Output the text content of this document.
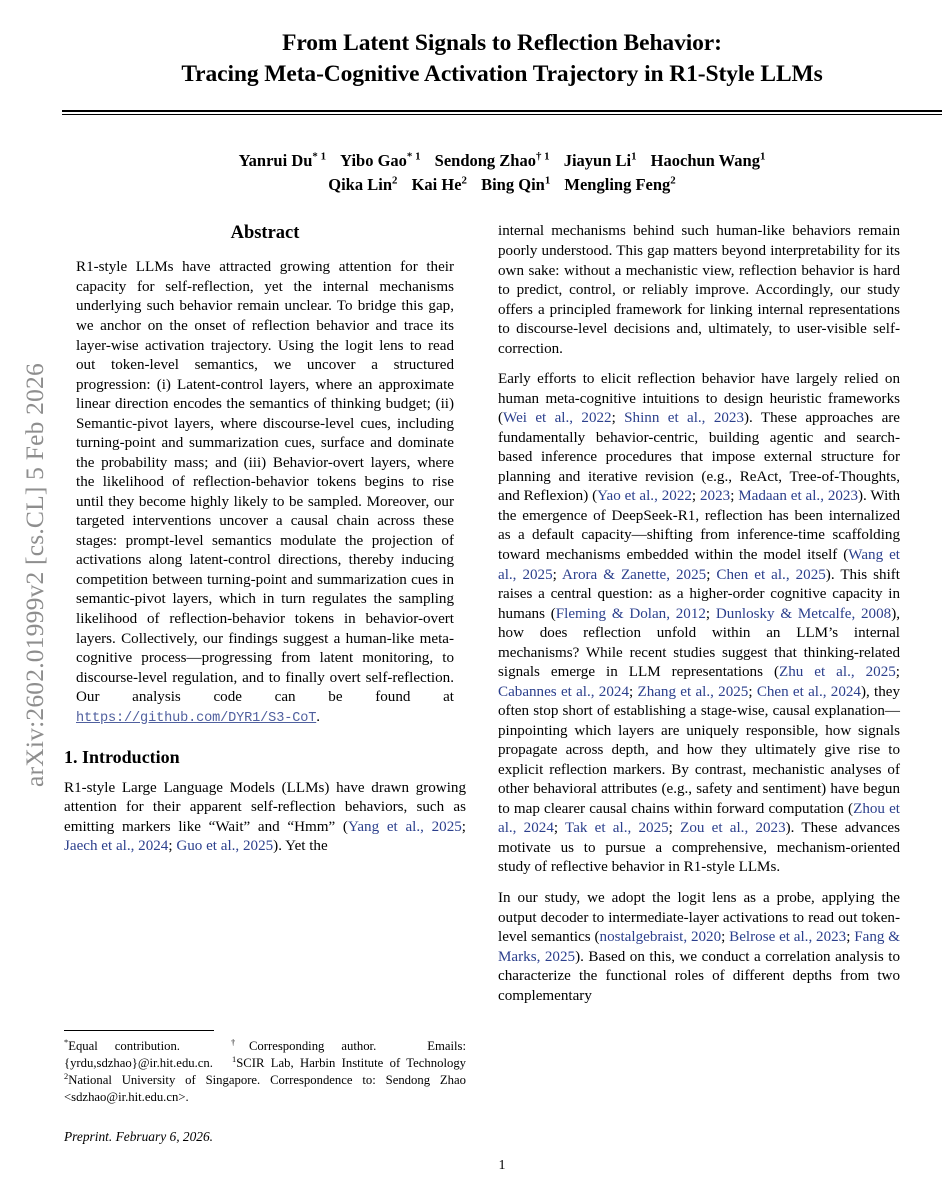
arXiv:2602.01999v2 [cs.CL] 5 Feb 2026
From Latent Signals to Reflection Behavior:
Tracing Meta-Cognitive Activation Trajectory in R1-Style LLMs
Yanrui Du$^{* 1}$ Yibo Gao$^{* 1}$ Sendong Zhao$^{\dagger 1}$ Jiayun Li$^1$ Haochun Wang$^1$
Qika Lin$^2$ Kai He$^2$ Bing Qin$^1$ Mengling Feng$^2$
Abstract

R1-style LLMs have attracted growing attention for their capacity for self-reflection, yet the internal mechanisms underlying such behavior remain unclear. To bridge this gap, we anchor on the onset of reflection behavior and trace its layer-wise activation trajectory. Using the logit lens to read out token-level semantics, we uncover a structured progression: (i) Latent-control layers, where an approximate linear direction encodes the semantics of thinking budget; (ii) Semantic-pivot layers, where discourse-level cues, including turning-point and summarization cues, surface and dominate the probability mass; and (iii) Behavior-overt layers, where the likelihood of reflection-behavior tokens begins to rise until they become highly likely to be sampled. Moreover, our targeted interventions uncover a causal chain across these stages: prompt-level semantics modulate the projection of activations along latent-control directions, thereby inducing competition between turning-point and summarization cues in semantic-pivot layers, which in turn regulates the sampling likelihood of reflection-behavior tokens in behavior-overt layers. Collectively, our findings suggest a human-like meta-cognitive process—progressing from latent monitoring, to discourse-level regulation, and to finally overt self-reflection. Our analysis code can be found at https://github.com/DYR1/S3-CoT.

1. Introduction

R1-style Large Language Models (LLMs) have drawn growing attention for their apparent self-reflection behaviors, such as emitting markers like “Wait” and “Hmm” (Yang et al., 2025; Jaech et al., 2024; Guo et al., 2025). Yet the

*Equal contribution.	†Corresponding author.	Emails: {yrdu,sdzhao}@ir.hit.edu.cn. $^1$SCIR Lab, Harbin Institute of Technology $^2$National University of Singapore. Correspondence to: Sendong Zhao <sdzhao@ir.hit.edu.cn>.
Preprint. February 6, 2026.

internal mechanisms behind such human-like behaviors remain poorly understood. This gap matters beyond interpretability for its own sake: without a mechanistic view, reflection behavior is hard to predict, control, or reliably improve. Accordingly, our study offers a principled framework for linking internal representations to discourse-level decisions and, ultimately, to user-visible self-correction.

Early efforts to elicit reflection behavior have largely relied on human meta-cognitive intuitions to design heuristic frameworks (Wei et al., 2022; Shinn et al., 2023). These approaches are fundamentally behavior-centric, building agentic and search-based inference procedures that impose external structure for planning and iterative revision (e.g., ReAct, Tree-of-Thoughts, and Reflexion) (Yao et al., 2022; 2023; Madaan et al., 2023). With the emergence of DeepSeek-R1, reflection has been internalized as a default capacity—shifting from inference-time scaffolding toward mechanisms embedded within the model itself (Wang et al., 2025; Arora & Zanette, 2025; Chen et al., 2025). This shift raises a central question: as a higher-order cognitive capacity in humans (Fleming & Dolan, 2012; Dunlosky & Metcalfe, 2008), how does reflection unfold within an LLM’s internal mechanisms? While recent studies suggest that thinking-related signals emerge in LLM representations (Zhu et al., 2025; Cabannes et al., 2024; Zhang et al., 2025; Chen et al., 2024), they often stop short of establishing a stage-wise, causal explanation—pinpointing which layers are uniquely responsible, how signals propagate across depth, and how they ultimately give rise to explicit reflection markers. By contrast, mechanistic analyses of other behavioral attributes (e.g., safety and sentiment) have begun to map clearer causal chains within forward computation (Zhou et al., 2024; Tak et al., 2025; Zou et al., 2023). These advances motivate us to pursue a comprehensive, mechanism-oriented study of reflective behavior in R1-style LLMs.

In our study, we adopt the logit lens as a probe, applying the output decoder to intermediate-layer activations to read out token-level semantics (nostalgebraist, 2020; Belrose et al., 2023; Fang & Marks, 2025). Based on this, we conduct a correlation analysis to characterize the functional roles of different depths from two complementary

1
